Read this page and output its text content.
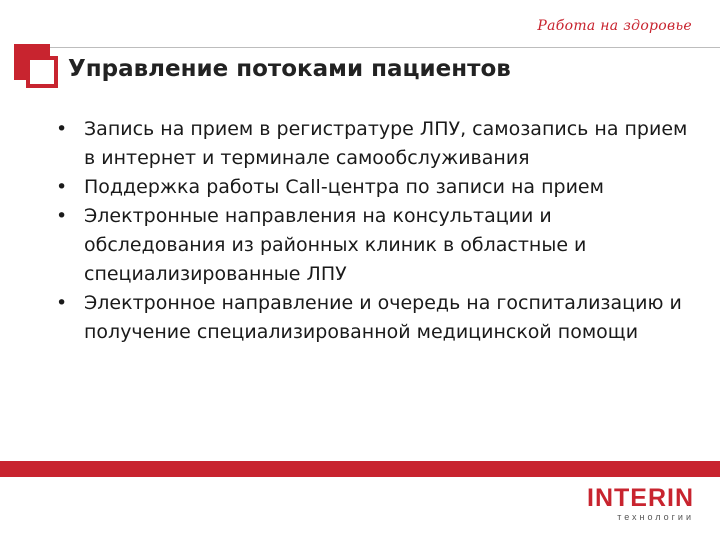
Работа на здоровье
Управление потоками пациентов
• Запись на прием в регистратуре ЛПУ, самозапись на прием в интернет и терминале самообслуживания
• Поддержка работы Call-центра по записи на прием
• Электронные направления на консультации и обследования из районных клиник в областные и специализированные ЛПУ
• Электронное направление и очередь на госпитализацию и получение специализированной медицинской помощи
INTERIN
технологии
